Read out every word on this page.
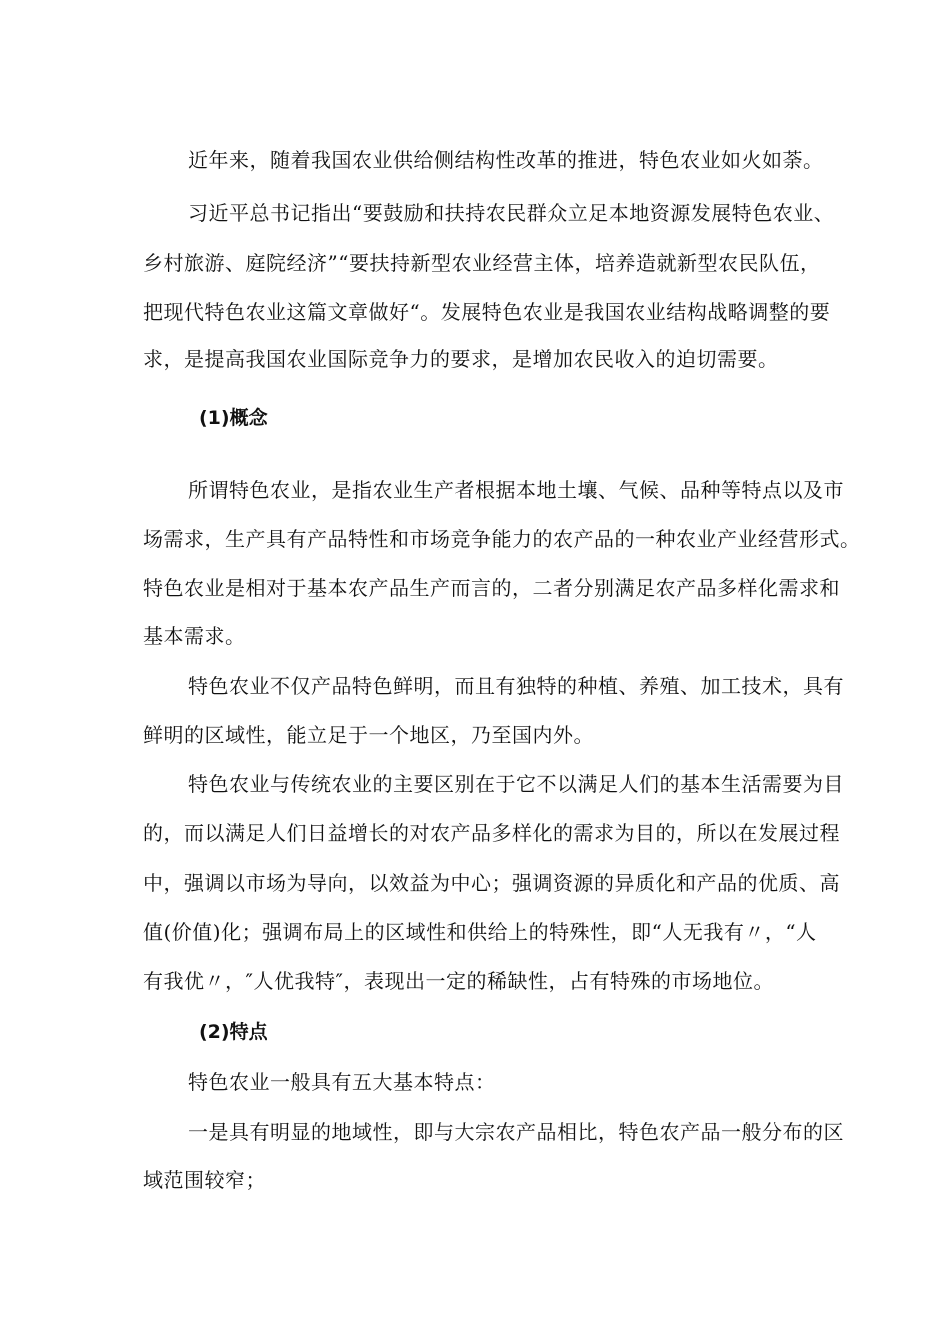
近年来，随着我国农业供给侧结构性改革的推进，特色农业如火如荼。
习近平总书记指出“要鼓励和扶持农民群众立足本地资源发展特色农业、
乡村旅游、庭院经济”“要扶持新型农业经营主体，培养造就新型农民队伍，
把现代特色农业这篇文章做好“。发展特色农业是我国农业结构战略调整的要
求，是提高我国农业国际竞争力的要求，是增加农民收入的迫切需要。
(1)概念
所谓特色农业，是指农业生产者根据本地土壤、气候、品种等特点以及市
场需求，生产具有产品特性和市场竞争能力的农产品的一种农业产业经营形式。
特色农业是相对于基本农产品生产而言的，二者分别满足农产品多样化需求和
基本需求。
特色农业不仅产品特色鲜明，而且有独特的种植、养殖、加工技术，具有
鲜明的区域性，能立足于一个地区，乃至国内外。
特色农业与传统农业的主要区别在于它不以满足人们的基本生活需要为目
的，而以满足人们日益增长的对农产品多样化的需求为目的，所以在发展过程
中，强调以市场为导向，以效益为中心；强调资源的异质化和产品的优质、高
值(价值)化；强调布局上的区域性和供给上的特殊性，即“人无我有〃，“人
有我优〃，″人优我特″，表现出一定的稀缺性，占有特殊的市场地位。
(2)特点
特色农业一般具有五大基本特点：
一是具有明显的地域性，即与大宗农产品相比，特色农产品一般分布的区
域范围较窄；
